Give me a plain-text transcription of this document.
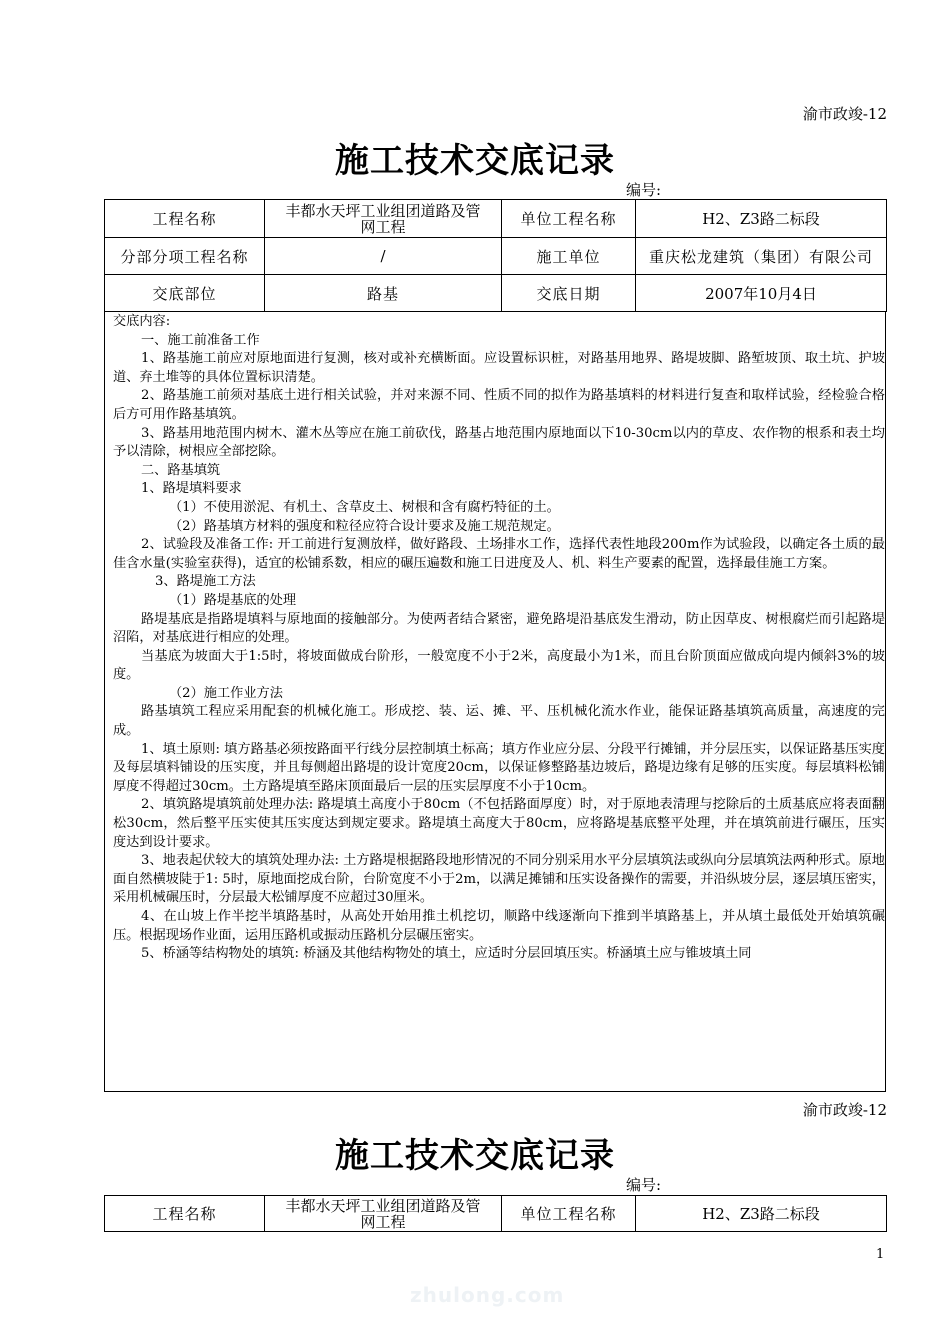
渝市政竣-12
施工技术交底记录
编号:
工程名称	丰都水天坪工业组团道路及管网工程	单位工程名称	H2、Z3路二标段
分部分项工程名称	/	施工单位	重庆松龙建筑（集团）有限公司
交底部位	路基	交底日期	2007年10月4日

交底内容:

一、施工前准备工作

1、路基施工前应对原地面进行复测，核对或补充横断面。应设置标识桩，对路基用地界、路堤坡脚、路堑坡顶、取土坑、护坡道、弃土堆等的具体位置标识清楚。

2、路基施工前须对基底土进行相关试验，并对来源不同、性质不同的拟作为路基填料的材料进行复查和取样试验，经检验合格后方可用作路基填筑。

3、路基用地范围内树木、灌木丛等应在施工前砍伐，路基占地范围内原地面以下10-30cm以内的草皮、农作物的根系和表土均予以清除，树根应全部挖除。

二、路基填筑

1、路堤填料要求

（1）不使用淤泥、有机土、含草皮土、树根和含有腐朽特征的土。

（2）路基填方材料的强度和粒径应符合设计要求及施工规范规定。

2、试验段及准备工作: 开工前进行复测放样，做好路段、土场排水工作，选择代表性地段200m作为试验段，以确定各土质的最佳含水量(实验室获得)，适宜的松铺系数，相应的碾压遍数和施工日进度及人、机、料生产要素的配置，选择最佳施工方案。

3、路堤施工方法

（1）路堤基底的处理

路堤基底是指路堤填料与原地面的接触部分。为使两者结合紧密，避免路堤沿基底发生滑动，防止因草皮、树根腐烂而引起路堤沼陷，对基底进行相应的处理。

当基底为坡面大于1:5时，将坡面做成台阶形，一般宽度不小于2米，高度最小为1米，而且台阶顶面应做成向堤内倾斜3%的坡度。

（2）施工作业方法

路基填筑工程应采用配套的机械化施工。形成挖、装、运、摊、平、压机械化流水作业，能保证路基填筑高质量，高速度的完成。

1、填土原则: 填方路基必须按路面平行线分层控制填土标高；填方作业应分层、分段平行摊铺，并分层压实，以保证路基压实度及每层填料铺设的压实度，并且每侧超出路堤的设计宽度20cm，以保证修整路基边坡后，路堤边缘有足够的压实度。每层填料松铺厚度不得超过30cm。土方路堤填至路床顶面最后一层的压实层厚度不小于10cm。

2、填筑路堤填筑前处理办法: 路堤填土高度小于80cm（不包括路面厚度）时，对于原地表清理与挖除后的土质基底应将表面翻松30cm，然后整平压实使其压实度达到规定要求。路堤填土高度大于80cm，应将路堤基底整平处理，并在填筑前进行碾压，压实度达到设计要求。

3、地表起伏较大的填筑处理办法: 土方路堤根据路段地形情况的不同分别采用水平分层填筑法或纵向分层填筑法两种形式。原地面自然横坡陡于1: 5时，原地面挖成台阶，台阶宽度不小于2m，以满足摊铺和压实设备操作的需要，并沿纵坡分层，逐层填压密实，采用机械碾压时，分层最大松铺厚度不应超过30厘米。

4、在山坡上作半挖半填路基时，从高处开始用推土机挖切，顺路中线逐渐向下推到半填路基上，并从填土最低处开始填筑碾压。根据现场作业面，运用压路机或振动压路机分层碾压密实。

5、桥涵等结构物处的填筑: 桥涵及其他结构物处的填土，应适时分层回填压实。桥涵填土应与锥坡填土同

渝市政竣-12
施工技术交底记录
编号:
工程名称	丰都水天坪工业组团道路及管网工程	单位工程名称	H2、Z3路二标段
1
zhulong.com
